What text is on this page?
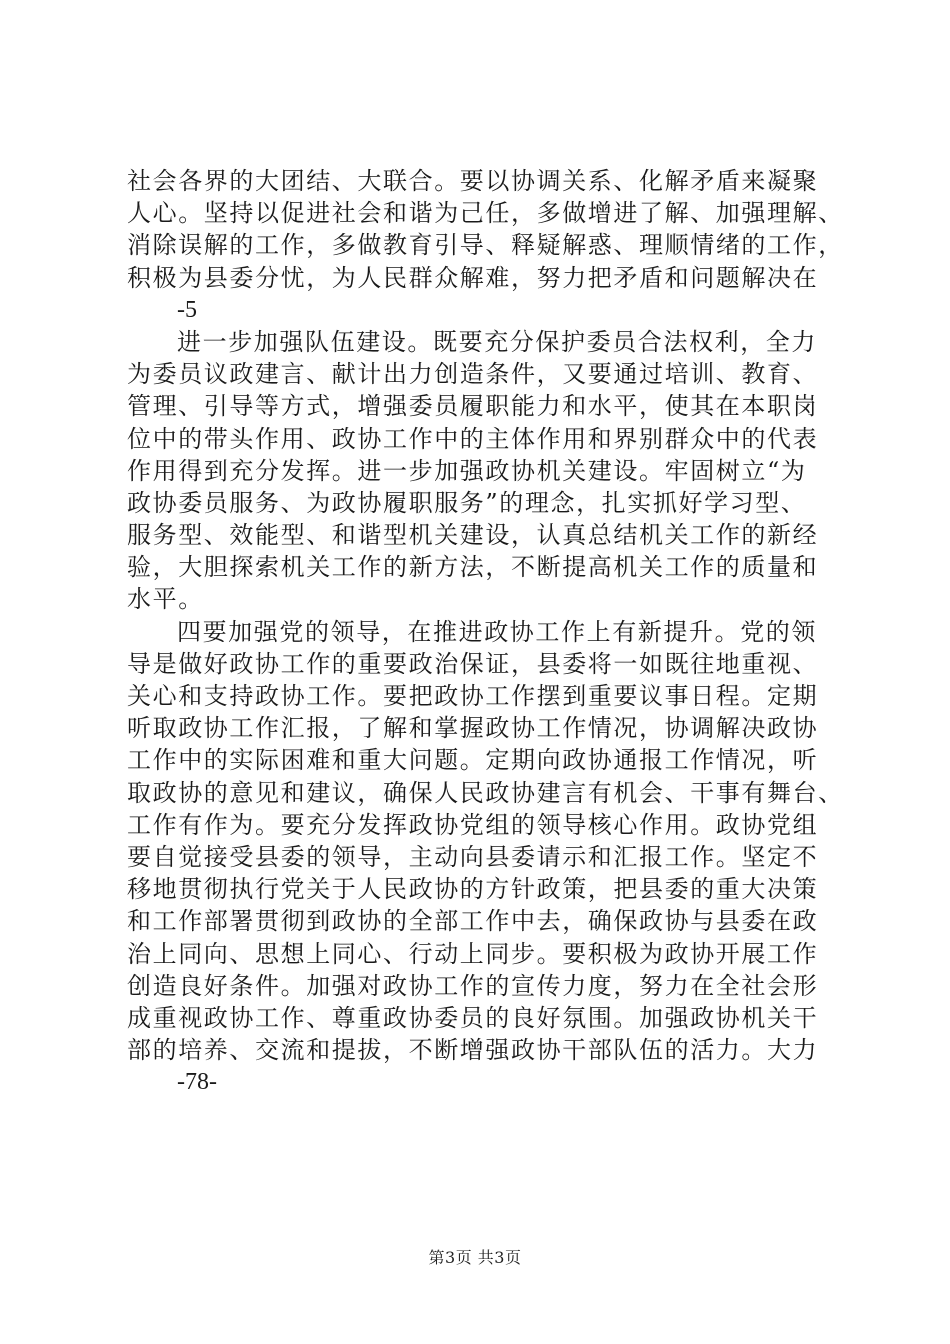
社会各界的大团结、大联合。要以协调关系、化解矛盾来凝聚
人心。坚持以促进社会和谐为己任，多做增进了解、加强理解、
消除误解的工作，多做教育引导、释疑解惑、理顺情绪的工作，
积极为县委分忧，为人民群众解难，努力把矛盾和问题解决在
-5
进一步加强队伍建设。既要充分保护委员合法权利，全力
为委员议政建言、献计出力创造条件，又要通过培训、教育、
管理、引导等方式，增强委员履职能力和水平，使其在本职岗
位中的带头作用、政协工作中的主体作用和界别群众中的代表
作用得到充分发挥。进一步加强政协机关建设。牢固树立“为
政协委员服务、为政协履职服务”的理念，扎实抓好学习型、
服务型、效能型、和谐型机关建设，认真总结机关工作的新经
验，大胆探索机关工作的新方法，不断提高机关工作的质量和
水平。
四要加强党的领导，在推进政协工作上有新提升。党的领
导是做好政协工作的重要政治保证，县委将一如既往地重视、
关心和支持政协工作。要把政协工作摆到重要议事日程。定期
听取政协工作汇报，了解和掌握政协工作情况，协调解决政协
工作中的实际困难和重大问题。定期向政协通报工作情况，听
取政协的意见和建议，确保人民政协建言有机会、干事有舞台、
工作有作为。要充分发挥政协党组的领导核心作用。政协党组
要自觉接受县委的领导，主动向县委请示和汇报工作。坚定不
移地贯彻执行党关于人民政协的方针政策，把县委的重大决策
和工作部署贯彻到政协的全部工作中去，确保政协与县委在政
治上同向、思想上同心、行动上同步。要积极为政协开展工作
创造良好条件。加强对政协工作的宣传力度，努力在全社会形
成重视政协工作、尊重政协委员的良好氛围。加强政协机关干
部的培养、交流和提拔，不断增强政协干部队伍的活力。大力
-78-
第3页 共3页
